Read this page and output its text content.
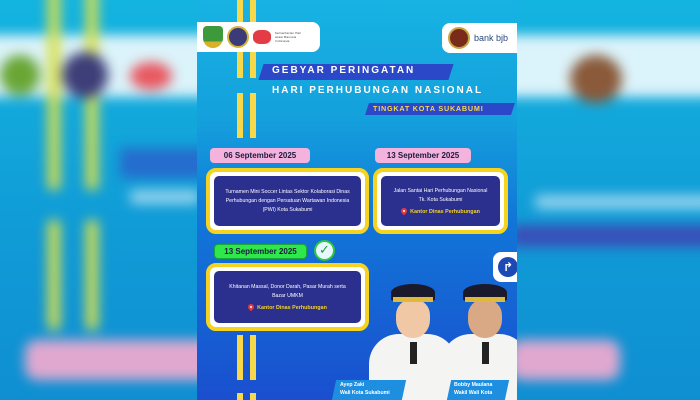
Kementerian Hak Asasi Manusia Indonesia	bank bjb
GEBYAR PERINGATAN
HARI PERHUBUNGAN NASIONAL
TINGKAT KOTA SUKABUMI
06 September 2025
Turnamen Mini Soccer Lintas Sektor Kolaborasi Dinas Perhubungan dengan Persatuan Wartawan Indonesia (PWI) Kota Sukabumi
13 September 2025
Jalan Santai Hari Perhubungan Nasional Tk. Kota Sukabumi
Kantor Dinas Perhubungan
13 September 2025 ✓
Khitanan Massal, Donor Darah, Pasar Murah serta Bazar UMKM
Kantor Dinas Perhubungan
↱
Ayep Zaki
Wali Kota Sukabumi
Bobby Maulana
Wakil Wali Kota
